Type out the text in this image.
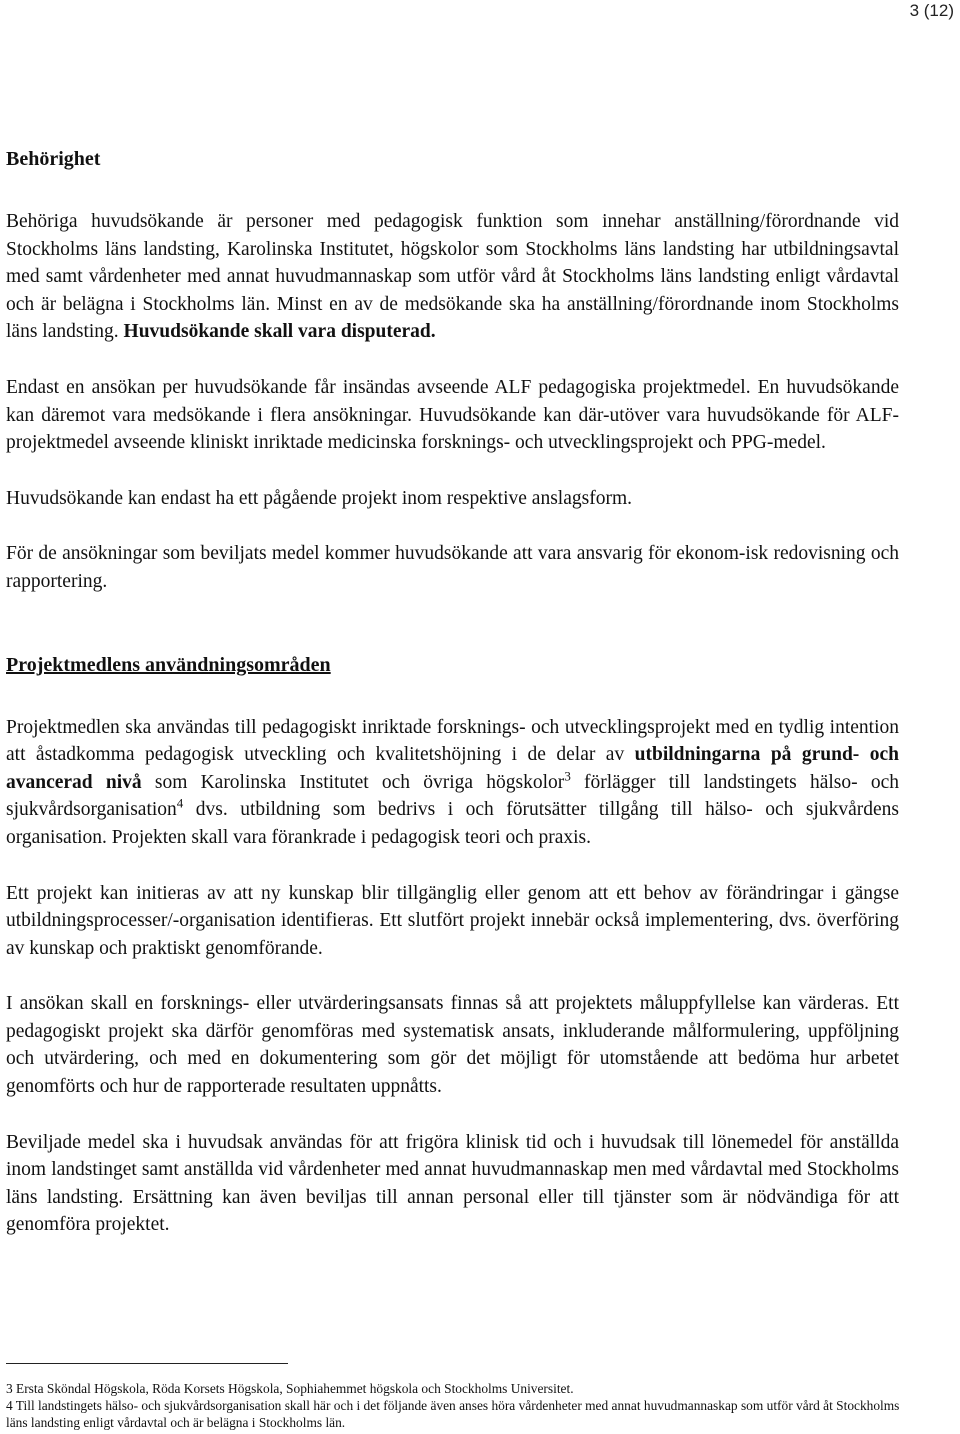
3 (12)
Behörighet

Behöriga huvudsökande är personer med pedagogisk funktion som innehar anställning/förordnande vid Stockholms läns landsting, Karolinska Institutet, högskolor som Stockholms läns landsting har utbildningsavtal med samt vårdenheter med annat huvudmannaskap som utför vård åt Stockholms läns landsting enligt vårdavtal och är belägna i Stockholms län. Minst en av de medsökande ska ha anställning/förordnande inom Stockholms läns landsting. Huvudsökande skall vara disputerad.

Endast en ansökan per huvudsökande får insändas avseende ALF pedagogiska projektmedel. En huvudsökande kan däremot vara medsökande i flera ansökningar. Huvudsökande kan där-utöver vara huvudsökande för ALF-projektmedel avseende kliniskt inriktade medicinska forsknings- och utvecklingsprojekt och PPG-medel.

Huvudsökande kan endast ha ett pågående projekt inom respektive anslagsform.

För de ansökningar som beviljats medel kommer huvudsökande att vara ansvarig för ekonom-isk redovisning och rapportering.

Projektmedlens användningsområden

Projektmedlen ska användas till pedagogiskt inriktade forsknings- och utvecklingsprojekt med en tydlig intention att åstadkomma pedagogisk utveckling och kvalitetshöjning i de delar av utbildningarna på grund- och avancerad nivå som Karolinska Institutet och övriga högskolor$^3$ förlägger till landstingets hälso- och sjukvårdsorganisation$^4$ dvs. utbildning som bedrivs i och förutsätter tillgång till hälso- och sjukvårdens organisation. Projekten skall vara förankrade i pedagogisk teori och praxis.

Ett projekt kan initieras av att ny kunskap blir tillgänglig eller genom att ett behov av förändringar i gängse utbildningsprocesser/-organisation identifieras. Ett slutfört projekt innebär också implementering, dvs. överföring av kunskap och praktiskt genomförande.

I ansökan skall en forsknings- eller utvärderingsansats finnas så att projektets måluppfyllelse kan värderas. Ett pedagogiskt projekt ska därför genomföras med systematisk ansats, inkluderande målformulering, uppföljning och utvärdering, och med en dokumentering som gör det möjligt för utomstående att bedöma hur arbetet genomförts och hur de rapporterade resultaten uppnåtts.

Beviljade medel ska i huvudsak användas för att frigöra klinisk tid och i huvudsak till lönemedel för anställda inom landstinget samt anställda vid vårdenheter med annat huvudmannaskap men med vårdavtal med Stockholms läns landsting. Ersättning kan även beviljas till annan personal eller till tjänster som är nödvändiga för att genomföra projektet.

3 Ersta Sköndal Högskola, Röda Korsets Högskola, Sophiahemmet högskola och Stockholms Universitet.

4 Till landstingets hälso- och sjukvårdsorganisation skall här och i det följande även anses höra vårdenheter med annat huvudmannaskap som utför vård åt Stockholms läns landsting enligt vårdavtal och är belägna i Stockholms län.
